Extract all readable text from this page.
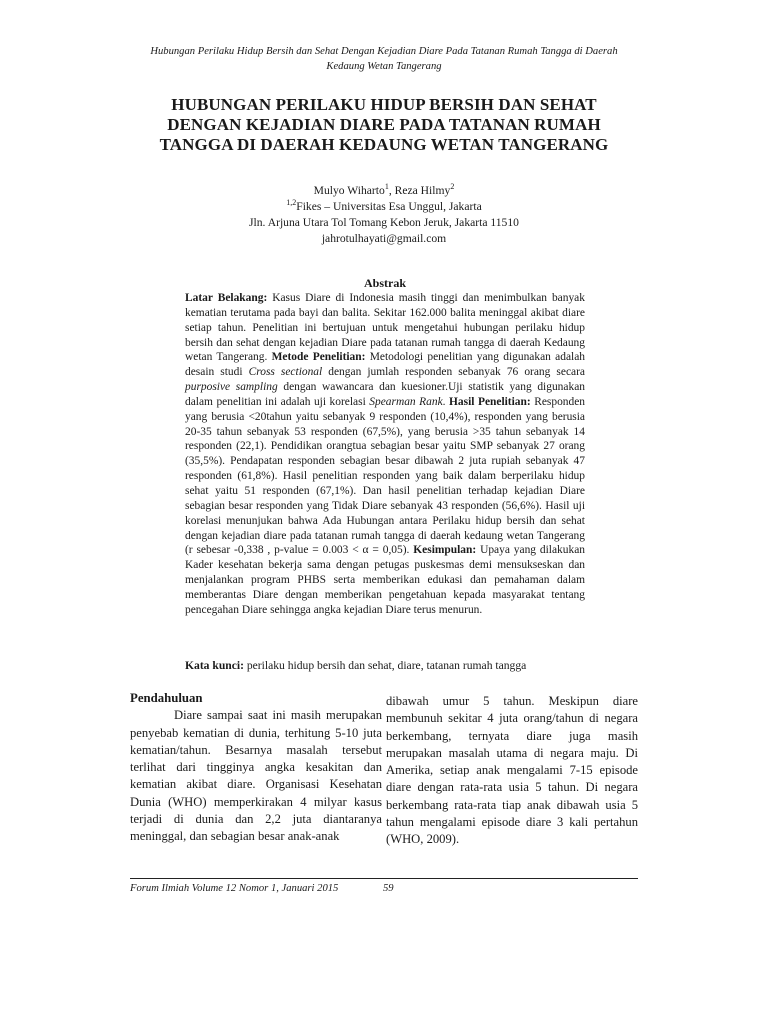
Hubungan Perilaku Hidup Bersih dan Sehat Dengan Kejadian Diare Pada Tatanan Rumah Tangga di Daerah
Kedaung Wetan Tangerang
HUBUNGAN PERILAKU HIDUP BERSIH DAN SEHAT
DENGAN KEJADIAN DIARE PADA TATANAN RUMAH
TANGGA DI DAERAH KEDAUNG WETAN TANGERANG
Mulyo Wiharto$^1$, Reza Hilmy$^2$
$^{1,2}$Fikes – Universitas Esa Unggul, Jakarta
Jln. Arjuna Utara Tol Tomang Kebon Jeruk, Jakarta 11510
jahrotulhayati@gmail.com
Abstrak
Latar Belakang: Kasus Diare di Indonesia masih tinggi dan menimbulkan banyak kematian terutama pada bayi dan balita. Sekitar 162.000 balita meninggal akibat diare setiap tahun. Penelitian ini bertujuan untuk mengetahui hubungan perilaku hidup bersih dan sehat dengan kejadian Diare pada tatanan rumah tangga di daerah Kedaung wetan Tangerang. Metode Penelitian: Metodologi penelitian yang digunakan adalah desain studi Cross sectional dengan jumlah responden sebanyak 76 orang secara purposive sampling dengan wawancara dan kuesioner.Uji statistik yang digunakan dalam penelitian ini adalah uji korelasi Spearman Rank. Hasil Penelitian: Responden yang berusia <20tahun yaitu sebanyak 9 responden (10,4%), responden yang berusia 20-35 tahun sebanyak 53 responden (67,5%), yang berusia >35 tahun sebanyak 14 responden (22,1). Pendidikan orangtua sebagian besar yaitu SMP sebanyak 27 orang (35,5%). Pendapatan responden sebagian besar dibawah 2 juta rupiah sebanyak 47 responden (61,8%). Hasil penelitian responden yang baik dalam berperilaku hidup sehat yaitu 51 responden (67,1%). Dan hasil penelitian terhadap kejadian Diare sebagian besar responden yang Tidak Diare sebanyak 43 responden (56,6%). Hasil uji korelasi menunjukan bahwa Ada Hubungan antara Perilaku hidup bersih dan sehat dengan kejadian diare pada tatanan rumah tangga di daerah kedaung wetan Tangerang (r sebesar -0,338 , p-value = 0.003 < α = 0,05). Kesimpulan: Upaya yang dilakukan Kader kesehatan bekerja sama dengan petugas puskesmas demi mensukseskan dan menjalankan program PHBS serta memberikan edukasi dan pemahaman dalam memberantas Diare dengan memberikan pengetahuan kepada masyarakat tentang pencegahan Diare sehingga angka kejadian Diare terus menurun.
Kata kunci: perilaku hidup bersih dan sehat, diare, tatanan rumah tangga

Pendahuluan

Diare sampai saat ini masih merupakan penyebab kematian di dunia, terhitung 5-10 juta kematian/tahun. Besarnya masalah tersebut terlihat dari tingginya angka kesakitan dan kematian akibat diare. Organisasi Kesehatan Dunia (WHO) memperkirakan 4 milyar kasus terjadi di dunia dan 2,2 juta diantaranya meninggal, dan sebagian besar anak-anak

dibawah umur 5 tahun. Meskipun diare membunuh sekitar 4 juta orang/tahun di negara berkembang, ternyata diare juga masih merupakan masalah utama di negara maju. Di Amerika, setiap anak mengalami 7-15 episode diare dengan rata-rata usia 5 tahun. Di negara berkembang rata-rata tiap anak dibawah usia 5 tahun mengalami episode diare 3 kali pertahun (WHO, 2009).

Forum Ilmiah Volume 12 Nomor 1, Januari 2015	59
